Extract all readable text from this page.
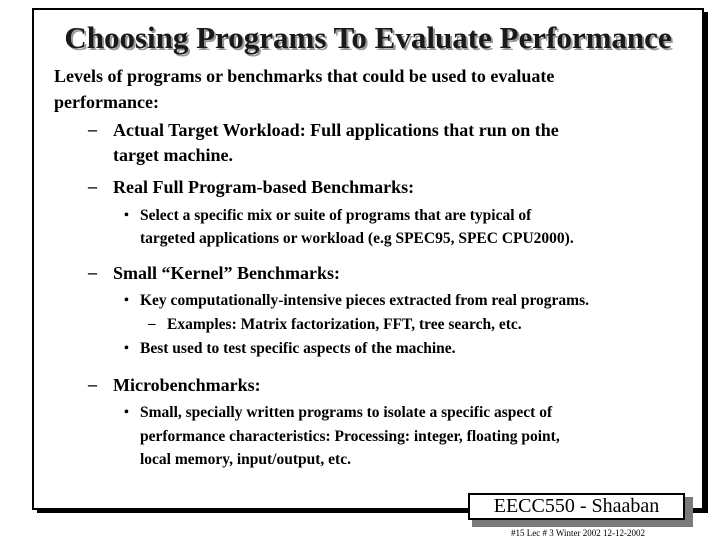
Choosing Programs To Evaluate Performance
Levels of programs or benchmarks that could be used to evaluate
performance:
– Actual Target Workload: Full applications that run on the
target machine.
– Real Full Program-based Benchmarks:
• Select a specific mix or suite of programs that are typical of
targeted applications or workload (e.g SPEC95, SPEC CPU2000).
– Small “Kernel” Benchmarks:
• Key computationally-intensive pieces extracted from real programs.
– Examples: Matrix factorization, FFT, tree search, etc.
• Best used to test specific aspects of the machine.
– Microbenchmarks:
• Small, specially written programs to isolate a specific aspect of
performance characteristics: Processing: integer, floating point,
local memory, input/output, etc.
EECC550 - Shaaban
#15 Lec # 3 Winter 2002 12-12-2002
